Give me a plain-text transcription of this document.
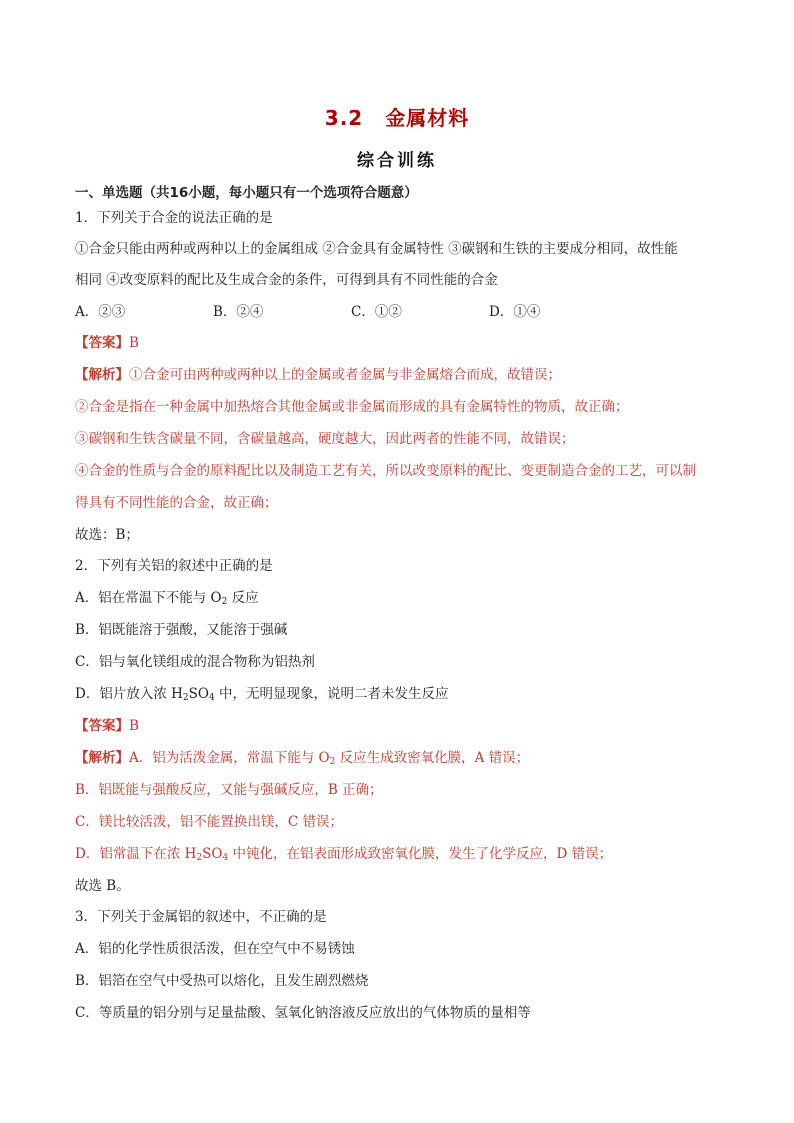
3.2 金属材料
综合训练
一、单选题（共16小题，每小题只有一个选项符合题意）
1．下列关于合金的说法正确的是
①合金只能由两种或两种以上的金属组成 ②合金具有金属特性 ③碳钢和生铁的主要成分相同，故性能
相同 ④改变原料的配比及生成合金的条件，可得到具有不同性能的合金
A．②③	B．②④	C．①②	D．①④
【答案】B
【解析】①合金可由两种或两种以上的金属或者金属与非金属熔合而成，故错误；
②合金是指在一种金属中加热熔合其他金属或非金属而形成的具有金属特性的物质，故正确；
③碳钢和生铁含碳量不同，含碳量越高，硬度越大，因此两者的性能不同，故错误；
④合金的性质与合金的原料配比以及制造工艺有关，所以改变原料的配比、变更制造合金的工艺，可以制
得具有不同性能的合金，故正确；
故选：B；
2．下列有关铝的叙述中正确的是
A．铝在常温下不能与 $O_2$ 反应
B．铝既能溶于强酸，又能溶于强碱
C．铝与氧化镁组成的混合物称为铝热剂
D．铝片放入浓 $H_2SO_4$ 中，无明显现象，说明二者未发生反应
【答案】B
【解析】A．铝为活泼金属，常温下能与 $O_2$ 反应生成致密氧化膜，A 错误；
B．铝既能与强酸反应，又能与强碱反应，B 正确；
C．镁比较活泼，铝不能置换出镁，C 错误；
D．铝常温下在浓 $H_2SO_4$ 中钝化，在铝表面形成致密氧化膜，发生了化学反应，D 错误；
故选 B。
3．下列关于金属铝的叙述中，不正确的是
A．铝的化学性质很活泼，但在空气中不易锈蚀
B．铝箔在空气中受热可以熔化，且发生剧烈燃烧
C．等质量的铝分别与足量盐酸、氢氧化钠溶液反应放出的气体物质的量相等
